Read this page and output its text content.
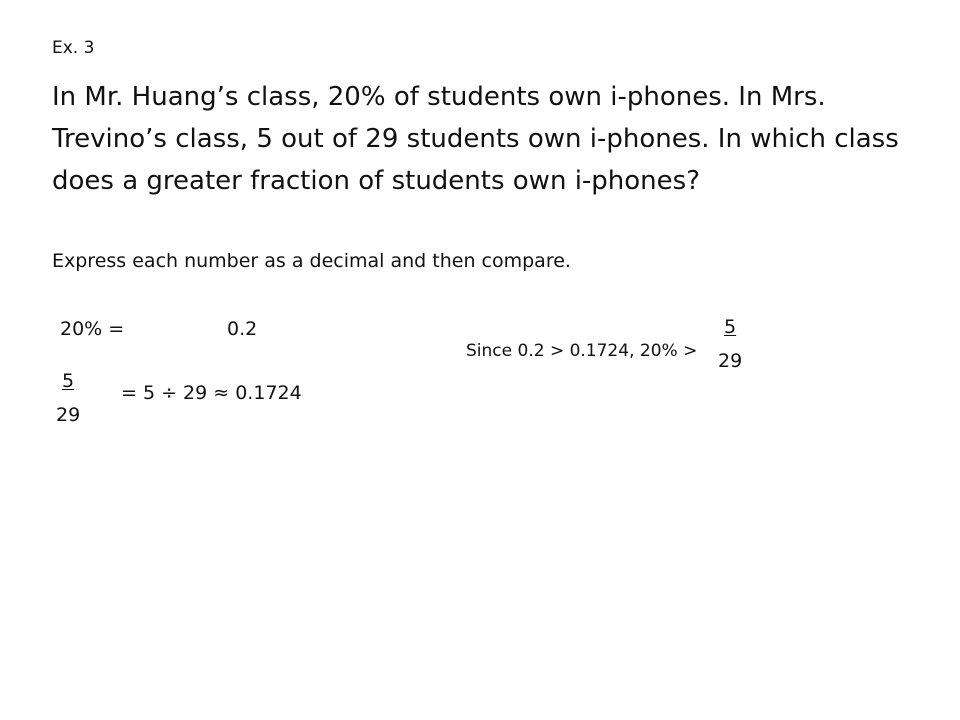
Ex. 3
In Mr. Huang’s class, 20% of students own i-phones. In Mrs. Trevino’s class, 5 out of 29 students own i-phones. In which class does a greater fraction of students own i-phones?
Express each number as a decimal and then compare.
20% =	0.2
$\frac{5}{29} = 5 \div 29 \approx 0.1724$
Since 0.2 > 0.1724, $20\% > \frac{5}{29}$
